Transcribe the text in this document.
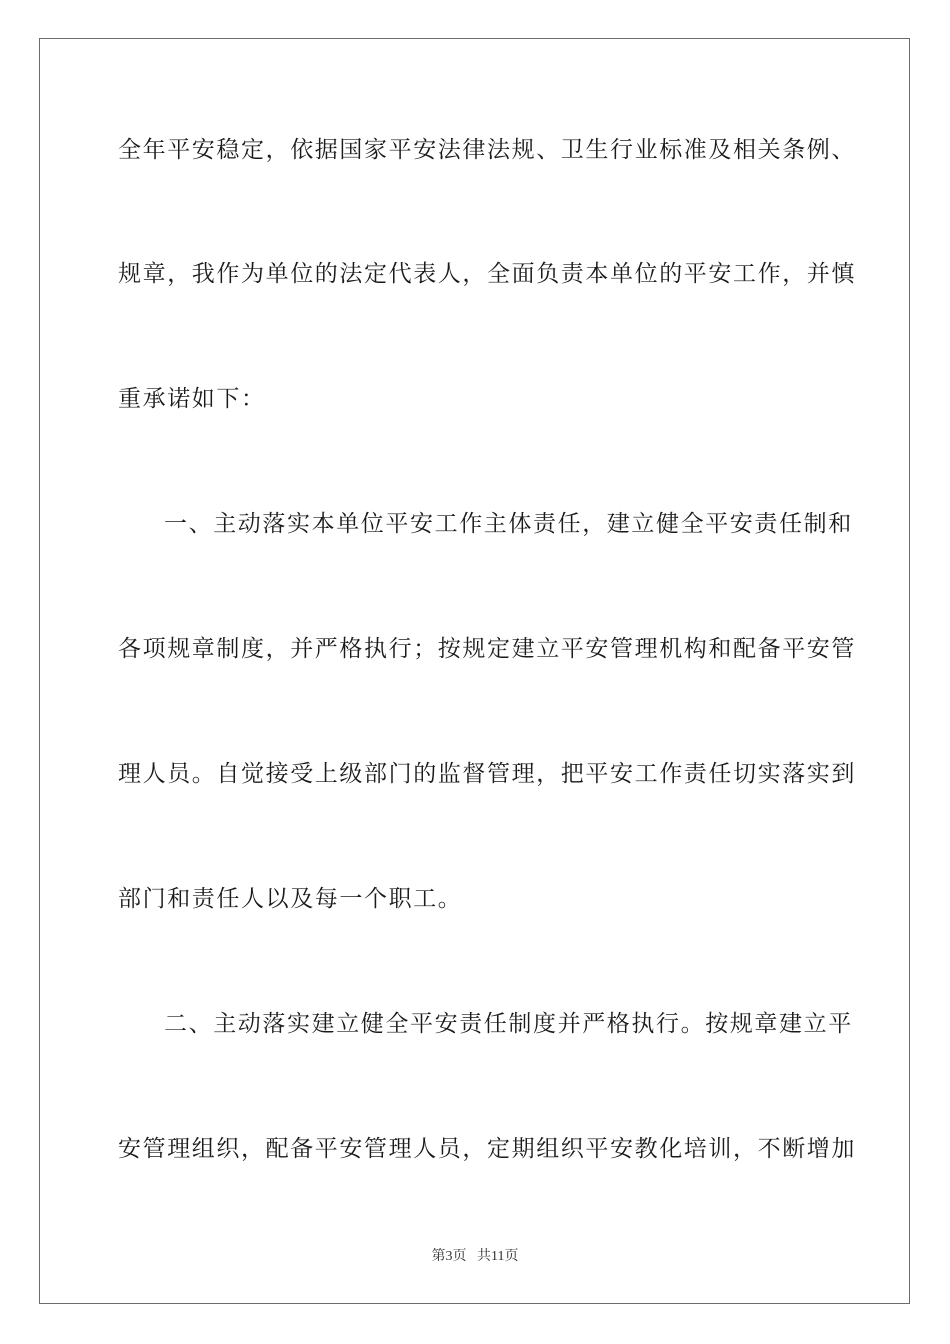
全年平安稳定，依据国家平安法律法规、卫生行业标准及相关条例、
规章，我作为单位的法定代表人，全面负责本单位的平安工作，并慎
重承诺如下：
一、主动落实本单位平安工作主体责任，建立健全平安责任制和
各项规章制度，并严格执行；按规定建立平安管理机构和配备平安管
理人员。自觉接受上级部门的监督管理，把平安工作责任切实落实到
部门和责任人以及每一个职工。
二、主动落实建立健全平安责任制度并严格执行。按规章建立平
安管理组织，配备平安管理人员，定期组织平安教化培训，不断增加
第3页 共11页
